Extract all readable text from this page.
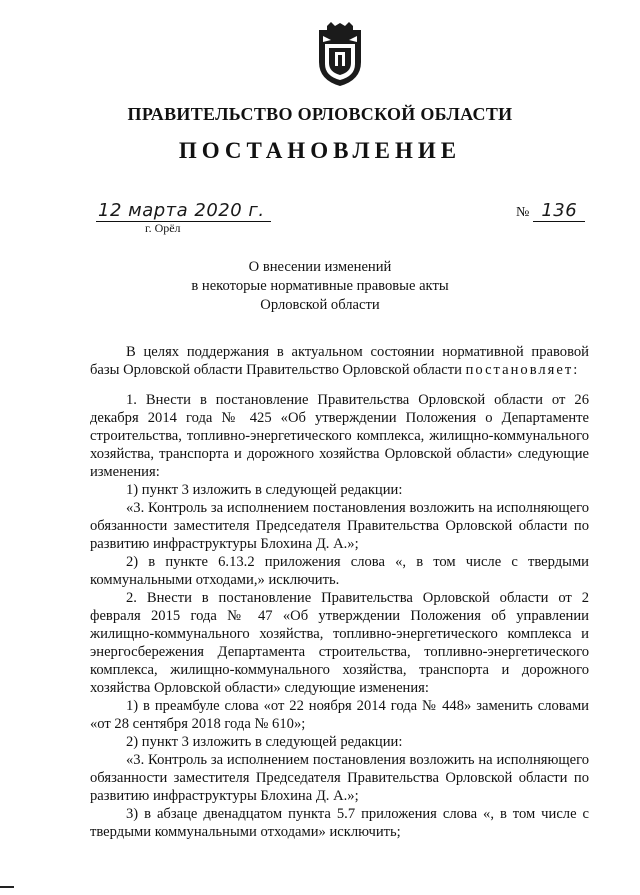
ПРАВИТЕЛЬСТВО ОРЛОВСКОЙ ОБЛАСТИ
ПОСТАНОВЛЕНИЕ
12 марта 2020 г.
г. Орёл
№ 136
О внесении изменений
в некоторые нормативные правовые акты
Орловской области

В целях поддержания в актуальном состоянии нормативной правовой базы Орловской области Правительство Орловской области постановляет:

1. Внести в постановление Правительства Орловской области от 26 декабря 2014 года № 425 «Об утверждении Положения о Департаменте строительства, топливно-энергетического комплекса, жилищно-коммунального хозяйства, транспорта и дорожного хозяйства Орловской области» следующие изменения:

1) пункт 3 изложить в следующей редакции:

«3. Контроль за исполнением постановления возложить на исполняющего обязанности заместителя Председателя Правительства Орловской области по развитию инфраструктуры Блохина Д. А.»;

2) в пункте 6.13.2 приложения слова «, в том числе с твердыми коммунальными отходами,» исключить.

2. Внести в постановление Правительства Орловской области от 2 февраля 2015 года № 47 «Об утверждении Положения об управлении жилищно-коммунального хозяйства, топливно-энергетического комплекса и энергосбережения Департамента строительства, топливно-энергетического комплекса, жилищно-коммунального хозяйства, транспорта и дорожного хозяйства Орловской области» следующие изменения:

1) в преамбуле слова «от 22 ноября 2014 года № 448» заменить словами «от 28 сентября 2018 года № 610»;

2) пункт 3 изложить в следующей редакции:

«3. Контроль за исполнением постановления возложить на исполняющего обязанности заместителя Председателя Правительства Орловской области по развитию инфраструктуры Блохина Д. А.»;

3) в абзаце двенадцатом пункта 5.7 приложения слова «, в том числе с твердыми коммунальными отходами» исключить;
